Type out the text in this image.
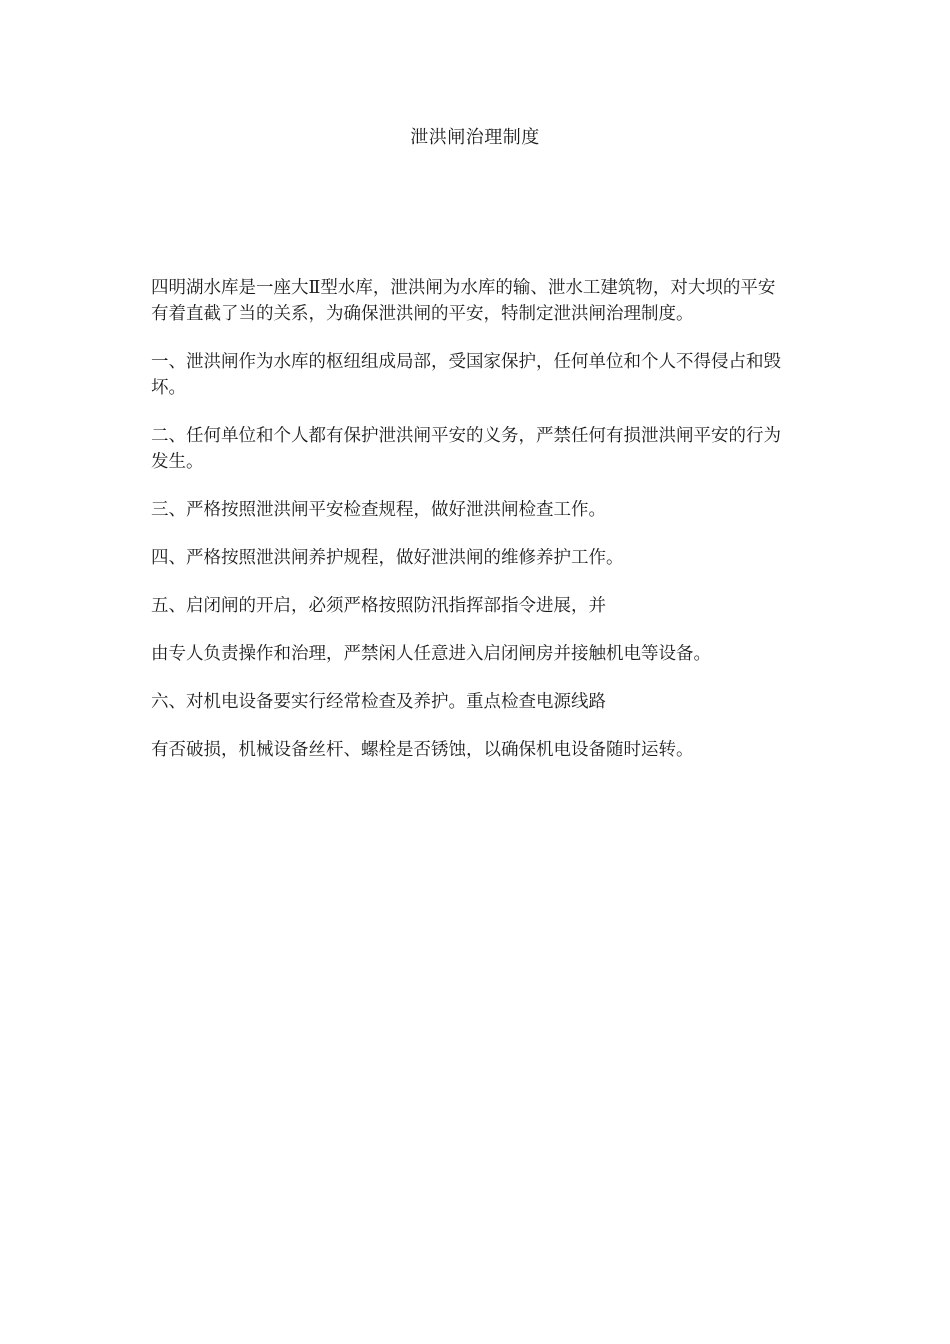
泄洪闸治理制度

四明湖水库是一座大Ⅱ型水库，泄洪闸为水库的输、泄水工建筑物，对大坝的平安有着直截了当的关系，为确保泄洪闸的平安，特制定泄洪闸治理制度。

一、泄洪闸作为水库的枢纽组成局部，受国家保护，任何单位和个人不得侵占和毁坏。

二、任何单位和个人都有保护泄洪闸平安的义务，严禁任何有损泄洪闸平安的行为发生。

三、严格按照泄洪闸平安检查规程，做好泄洪闸检查工作。

四、严格按照泄洪闸养护规程，做好泄洪闸的维修养护工作。

五、启闭闸的开启，必须严格按照防汛指挥部指令进展，并

由专人负责操作和治理，严禁闲人任意进入启闭闸房并接触机电等设备。

六、对机电设备要实行经常检查及养护。重点检查电源线路

有否破损，机械设备丝杆、螺栓是否锈蚀，以确保机电设备随时运转。
